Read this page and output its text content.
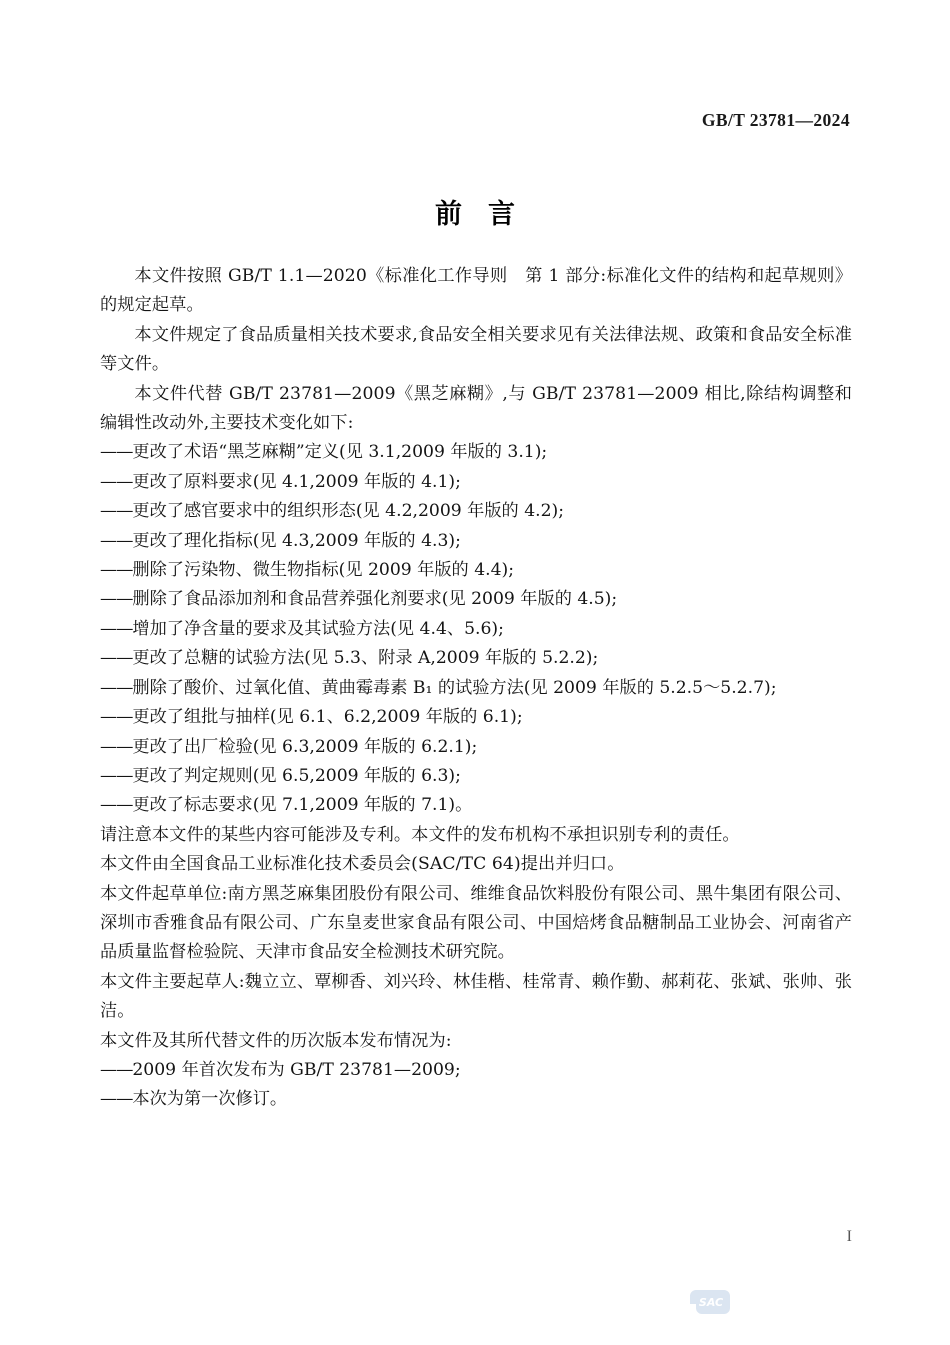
GB/T 23781—2024
前言

本文件按照 GB/T 1.1—2020《标准化工作导则　第 1 部分:标准化文件的结构和起草规则》的规定起草。

本文件规定了食品质量相关技术要求,食品安全相关要求见有关法律法规、政策和食品安全标准等文件。

本文件代替 GB/T 23781—2009《黑芝麻糊》,与 GB/T 23781—2009 相比,除结构调整和编辑性改动外,主要技术变化如下:

——更改了术语“黑芝麻糊”定义(见 3.1,2009 年版的 3.1);
——更改了原料要求(见 4.1,2009 年版的 4.1);
——更改了感官要求中的组织形态(见 4.2,2009 年版的 4.2);
——更改了理化指标(见 4.3,2009 年版的 4.3);
——删除了污染物、微生物指标(见 2009 年版的 4.4);
——删除了食品添加剂和食品营养强化剂要求(见 2009 年版的 4.5);
——增加了净含量的要求及其试验方法(见 4.4、5.6);
——更改了总糖的试验方法(见 5.3、附录 A,2009 年版的 5.2.2);
——删除了酸价、过氧化值、黄曲霉毒素 B₁ 的试验方法(见 2009 年版的 5.2.5～5.2.7);
——更改了组批与抽样(见 6.1、6.2,2009 年版的 6.1);
——更改了出厂检验(见 6.3,2009 年版的 6.2.1);
——更改了判定规则(见 6.5,2009 年版的 6.3);
——更改了标志要求(见 7.1,2009 年版的 7.1)。

请注意本文件的某些内容可能涉及专利。本文件的发布机构不承担识别专利的责任。

本文件由全国食品工业标准化技术委员会(SAC/TC 64)提出并归口。

本文件起草单位:南方黑芝麻集团股份有限公司、维维食品饮料股份有限公司、黑牛集团有限公司、深圳市香雅食品有限公司、广东皇麦世家食品有限公司、中国焙烤食品糖制品工业协会、河南省产品质量监督检验院、天津市食品安全检测技术研究院。

本文件主要起草人:魏立立、覃柳香、刘兴玲、林佳楷、桂常青、赖作勤、郝莉花、张斌、张帅、张洁。

本文件及其所代替文件的历次版本发布情况为:

——2009 年首次发布为 GB/T 23781—2009;
——本次为第一次修订。
I
SAC
